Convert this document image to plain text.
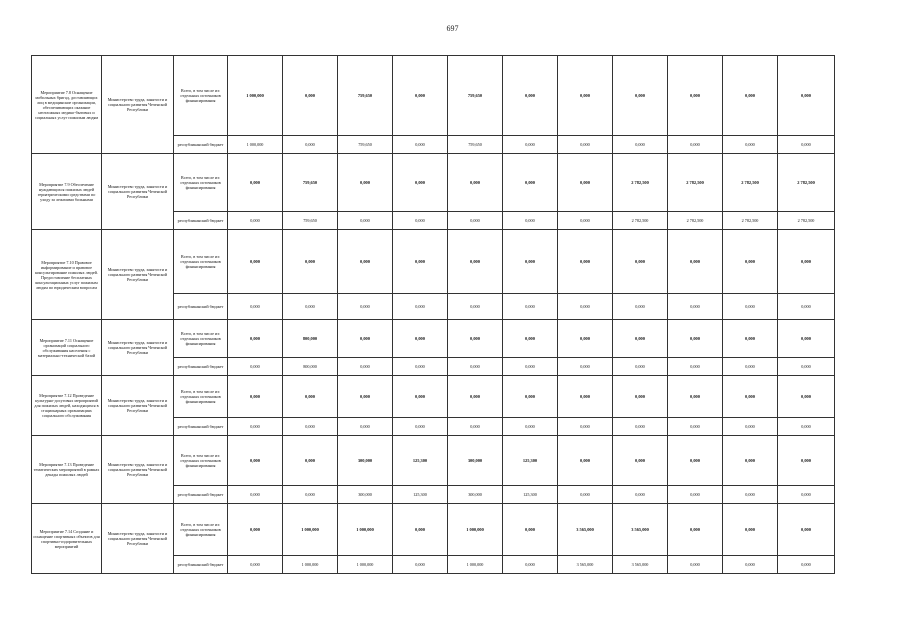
697
Мероприятие 7.8 Оснащение мобильных бригад, доставляющих лиц в медицинские организации, обеспечивающих оказание неотложных медико-бытовых и социальных услуг пожилым людям	Министерство труда, занятости и социального развития Чеченской Республики	Всего, в том числе из: отдельных источников финансирования	1 000,000	0,000	759,650	0,000	759,650	0,000	0,000	0,000	0,000	0,000	0,000
		республиканский бюджет	1 000,000	0,000	759,650	0,000	759,650	0,000	0,000	0,000	0,000	0,000	0,000
Мероприятие 7.9 Обеспечение нуждающихся пожилых людей гериатрическими средствами по уходу за лежачими больными	Министерство труда, занятости и социального развития Чеченской Республики	Всего, в том числе из: отдельных источников финансирования	0,000	759,650	0,000	0,000	0,000	0,000	0,000	2 782,500	2 782,500	2 782,500	2 782,500
		республиканский бюджет	0,000	759,650	0,000	0,000	0,000	0,000	0,000	2 782,500	2 782,500	2 782,500	2 782,500
Мероприятие 7.10 Правовое информирование и правовое консультирование пожилых людей. Предоставление бесплатных консультационных услуг пожилым людям по юридическим вопросам	Министерство труда, занятости и социального развития Чеченской Республики	Всего, в том числе из: отдельных источников финансирования	0,000	0,000	0,000	0,000	0,000	0,000	0,000	0,000	0,000	0,000	0,000
		республиканский бюджет	0,000	0,000	0,000	0,000	0,000	0,000	0,000	0,000	0,000	0,000	0,000
Мероприятие 7.11 Оснащение организаций социального обслуживания населения с материально-технической базой	Министерство труда, занятости и социального развития Чеченской Республики	Всего, в том числе из: отдельных источников финансирования	0,000	800,000	0,000	0,000	0,000	0,000	0,000	0,000	0,000	0,000	0,000
		республиканский бюджет	0,000	800,000	0,000	0,000	0,000	0,000	0,000	0,000	0,000	0,000	0,000
Мероприятие 7.12 Проведение культурно-досуговых мероприятий для пожилых людей, находящихся в стационарных организациях социального обслуживания	Министерство труда, занятости и социального развития Чеченской Республики	Всего, в том числе из: отдельных источников финансирования	0,000	0,000	0,000	0,000	0,000	0,000	0,000	0,000	0,000	0,000	0,000
		республиканский бюджет	0,000	0,000	0,000	0,000	0,000	0,000	0,000	0,000	0,000	0,000	0,000
Мероприятие 7.13 Проведение тематических мероприятий в рамках декады пожилых людей	Министерство труда, занятости и социального развития Чеченской Республики	Всего, в том числе из: отдельных источников финансирования	0,000	0,000	300,000	125,300	300,000	125,300	0,000	0,000	0,000	0,000	0,000
		республиканский бюджет	0,000	0,000	300,000	125,300	300,000	125,300	0,000	0,000	0,000	0,000	0,000
Мероприятие 7.14 Создание и оснащение спортивных объектов для спортивно-оздоровительных мероприятий	Министерство труда, занятости и социального развития Чеченской Республики	Всего, в том числе из: отдельных источников финансирования	0,000	1 000,000	1 000,000	0,000	1 000,000	0,000	3 565,000	3 565,000	0,000	0,000	0,000
		республиканский бюджет	0,000	1 000,000	1 000,000	0,000	1 000,000	0,000	3 565,000	3 565,000	0,000	0,000	0,000
